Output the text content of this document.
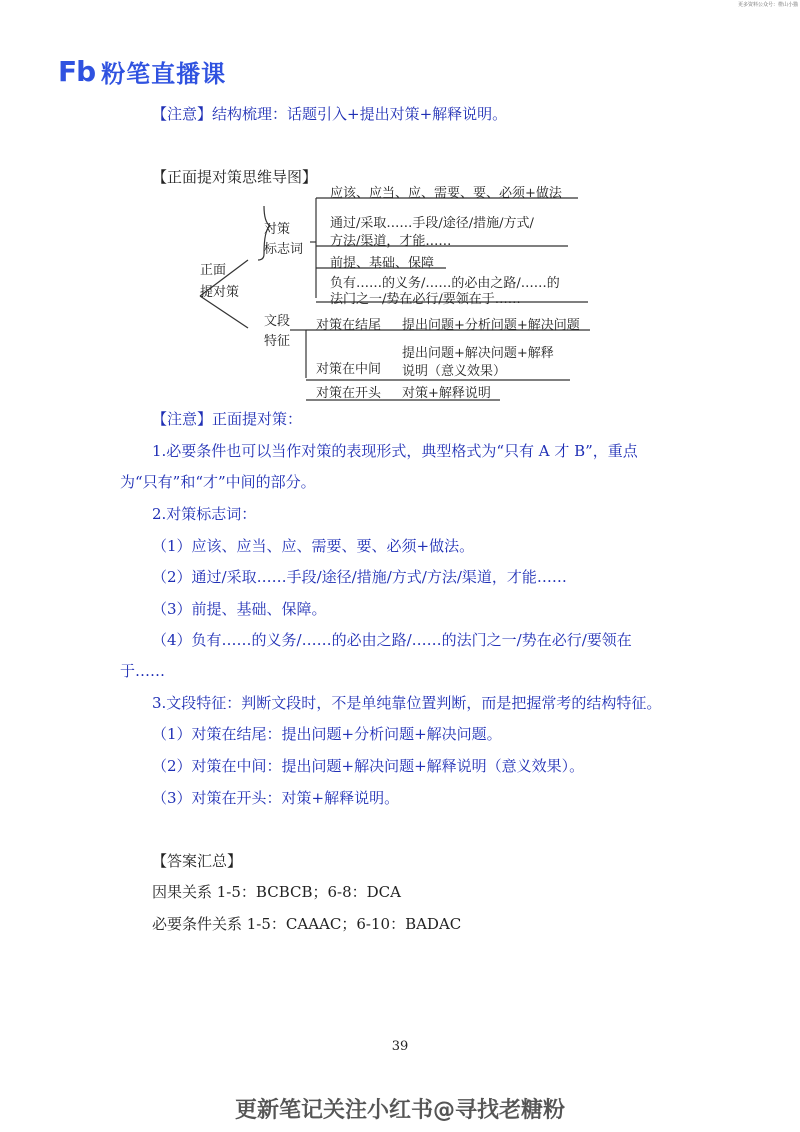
更多资料公众号：橙山小猫
Fb 粉笔直播课
【注意】结构梳理：话题引入+提出对策+解释说明。
【正面提对策思维导图】
正面
提对策
对策
标志词
文段
特征
应该、应当、应、需要、要、必须+做法
通过/采取……手段/途径/措施/方式/
方法/渠道，才能……
前提、基础、保障
负有……的义务/……的必由之路/……的
法门之一/势在必行/要领在于……
对策在结尾 提出问题+分析问题+解决问题
对策在中间
提出问题+解决问题+解释
说明（意义效果）
对策在开头 对策+解释说明
【注意】正面提对策：
1.必要条件也可以当作对策的表现形式，典型格式为“只有 A 才 B”，重点
为“只有”和“才”中间的部分。
2.对策标志词：
（1）应该、应当、应、需要、要、必须+做法。
（2）通过/采取……手段/途径/措施/方式/方法/渠道，才能……
（3）前提、基础、保障。
（4）负有……的义务/……的必由之路/……的法门之一/势在必行/要领在
于……
3.文段特征：判断文段时，不是单纯靠位置判断，而是把握常考的结构特征。
（1）对策在结尾：提出问题+分析问题+解决问题。
（2）对策在中间：提出问题+解决问题+解释说明（意义效果）。
（3）对策在开头：对策+解释说明。
【答案汇总】
因果关系 1-5：BCBCB；6-8：DCA
必要条件关系 1-5：CAAAC；6-10：BADAC
39
更新笔记关注小红书@寻找老糖粉
